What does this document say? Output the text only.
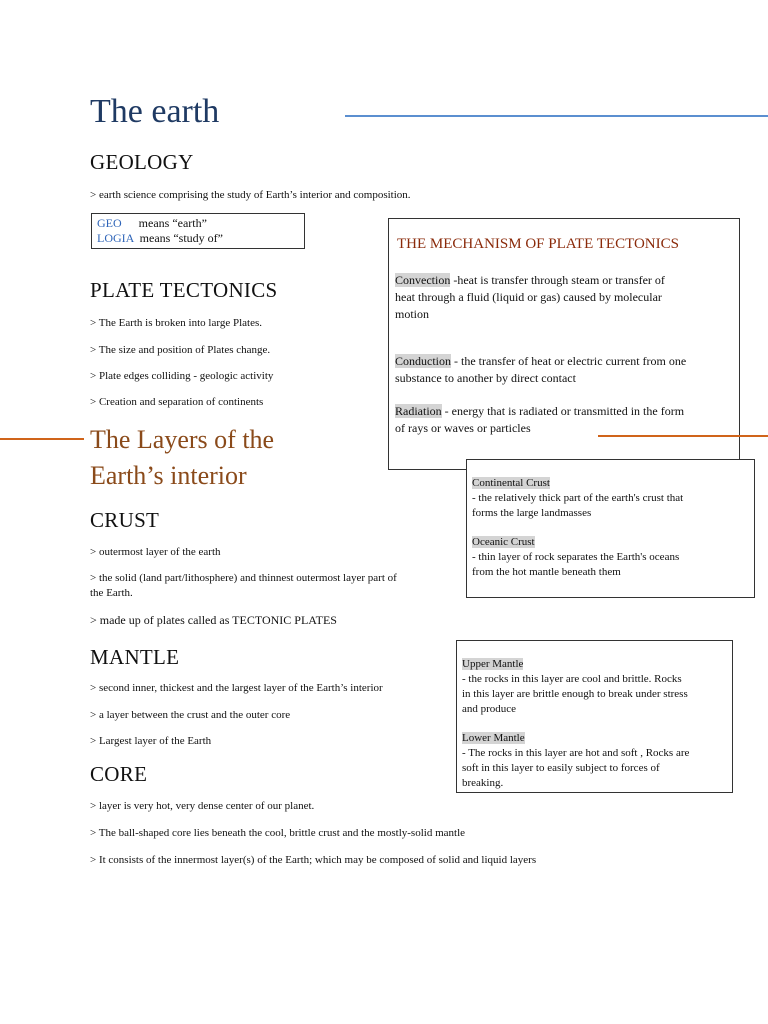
The earth
GEOLOGY
> earth science comprising the study of Earth’s interior and composition.
GEO means “earth”
LOGIA means “study of”
PLATE TECTONICS
> The Earth is broken into large Plates.
> The size and position of Plates change.
> Plate edges colliding - geologic activity
> Creation and separation of continents
THE MECHANISM OF PLATE TECTONICS
Convection -heat is transfer through steam or transfer of
heat through a fluid (liquid or gas) caused by molecular
motion
Conduction - the transfer of heat or electric current from one
substance to another by direct contact
Radiation - energy that is radiated or transmitted in the form
of rays or waves or particles
The Layers of the
Earth’s interior	Continental Crust
- the relatively thick part of the earth's crust that
forms the large landmasses
Oceanic Crust
- thin layer of rock separates the Earth's oceans
from the hot mantle beneath them
CRUST
> outermost layer of the earth
> the solid (land part/lithosphere) and thinnest outermost layer part of
the Earth.
> made up of plates called as TECTONIC PLATES
Upper Mantle
- the rocks in this layer are cool and brittle. Rocks
in this layer are brittle enough to break under stress
and produce
Lower Mantle
- The rocks in this layer are hot and soft , Rocks are
soft in this layer to easily subject to forces of
breaking.
MANTLE
> second inner, thickest and the largest layer of the Earth’s interior
> a layer between the crust and the outer core
> Largest layer of the Earth
CORE
> layer is very hot, very dense center of our planet.
> The ball-shaped core lies beneath the cool, brittle crust and the mostly-solid mantle
> It consists of the innermost layer(s) of the Earth; which may be composed of solid and liquid layers
